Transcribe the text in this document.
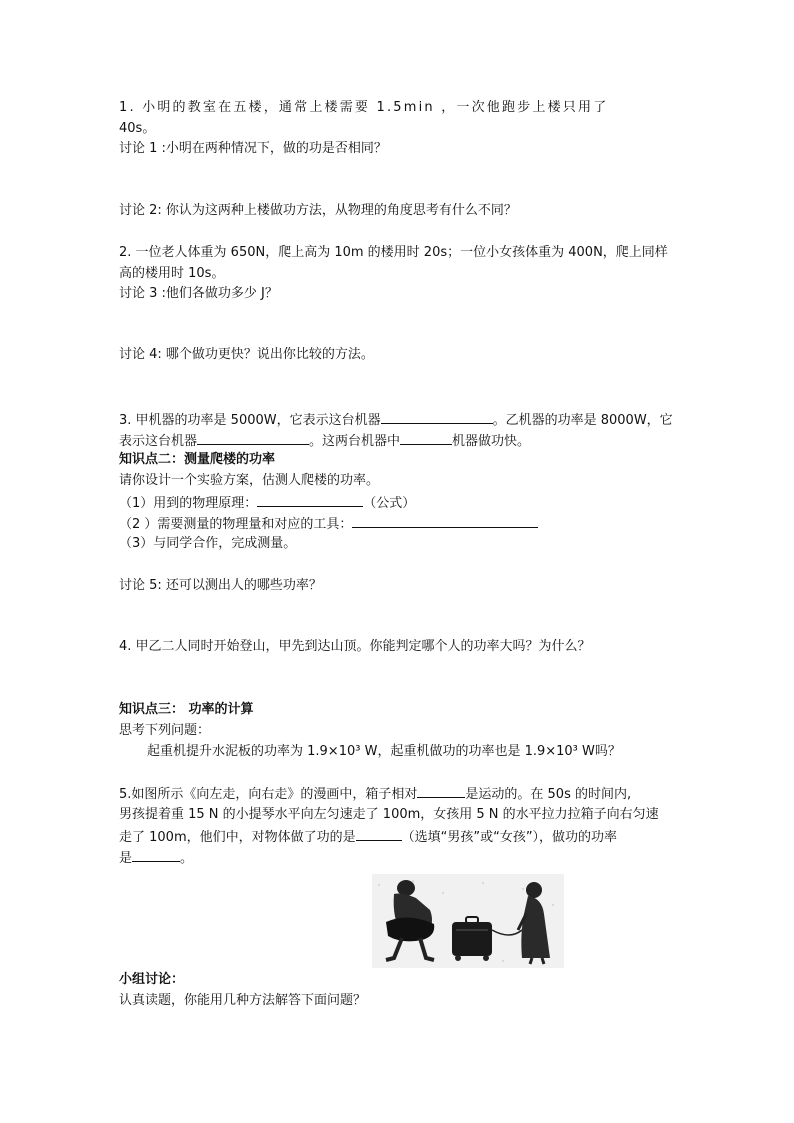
1. 小明的教室在五楼，通常上楼需要 1.5min ，一次他跑步上楼只用了
40s。
讨论 1 :小明在两种情况下，做的功是否相同？
讨论 2: 你认为这两种上楼做功方法，从物理的角度思考有什么不同？
2. 一位老人体重为 650N，爬上高为 10m 的楼用时 20s；一位小女孩体重为 400N，爬上同样
高的楼用时 10s。
讨论 3 :他们各做功多少 J？
讨论 4: 哪个做功更快？说出你比较的方法。
3. 甲机器的功率是 5000W，它表示这台机器	。乙机器的功率是 8000W，它
表示这台机器	。这两台机器中	机器做功快。
知识点二：测量爬楼的功率
请你设计一个实验方案，估测人爬楼的功率。
（1）用到的物理原理：	（公式）
（2 ）需要测量的物理量和对应的工具：
（3）与同学合作，完成测量。
讨论 5: 还可以测出人的哪些功率？
4. 甲乙二人同时开始登山，甲先到达山顶。你能判定哪个人的功率大吗？为什么？
知识点三： 功率的计算
思考下列问题：
起重机提升水泥板的功率为 1.9×10³ W，起重机做功的功率也是 1.9×10³ W吗？
5.如图所示《向左走，向右走》的漫画中，箱子相对	是运动的。在 50s 的时间内,
男孩提着重 15 N 的小提琴水平向左匀速走了 100m，女孩用 5 N 的水平拉力拉箱子向右匀速
走了 100m，他们中，对物体做了功的是	（选填“男孩”或“女孩”），做功的功率
是	。
小组讨论：
认真读题，你能用几种方法解答下面问题？
